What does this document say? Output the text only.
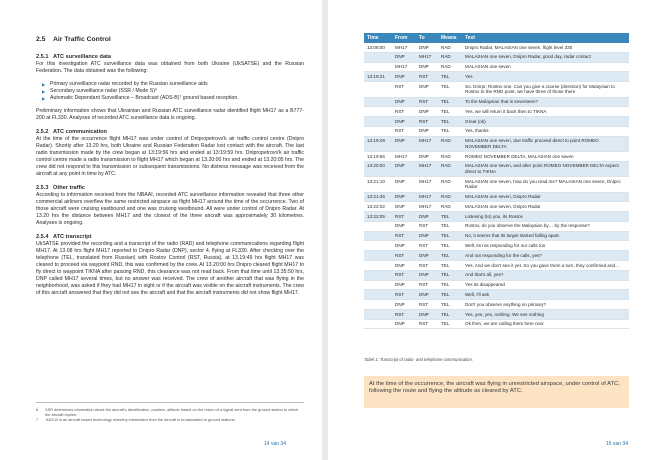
2.5	Air Traffic Control
2.5.1 ATC surveillance data

For this investigation ATC surveillance data was obtained from both Ukraine (UkSATSE) and the Russian Federation. The data obtained was the following:

▶ Primary surveillance radar recorded by the Russian surveillance aids
▶ Secondary surveillance radar (SSR / Mode S)⁶
▶ Automatic Dependant Surveillance – Broadcast (ADS-B)⁷ ground based reception.

Preliminary information shows that Ukrainian and Russian ATC surveillance radar identified flight MH17 as a B777-200 at FL330. Analyses of recorded ATC surveillance data is ongoing.

2.5.2 ATC communication

At the time of the occurrence flight MH17 was under control of Dnipropetrovs'k air traffic control centre (Dnipro Radar). Shortly after 13.20 hrs, both Ukraine and Russian Federation Radar lost contact with the aircraft. The last radio transmission made by the crew began at 13:19:56 hrs and ended at 13:19:59 hrs. Dnipropetrovs'k air traffic control centre made a radio transmission to flight MH17 which began at 13.20:00 hrs and ended at 13.20:05 hrs. The crew did not respond to this transmission or subsequent transmissions. No distress message was received from the aircraft at any point in time by ATC.

2.5.3 Other traffic

According to information received from the NBAAI, recorded ATC surveillance information revealed that three other commercial airliners overflew the same restricted airspace as flight MH17 around the time of the occurrence. Two of those aircraft were cruising eastbound and one was cruising westbound. All were under control of Dnipro Radar. At 13.20 hrs the distance between MH17 and the closest of the three aircraft was approximately 30 kilometres. Analyses is ongoing.

2.5.4 ATC transcript

UkSATSE provided the recording and a transcript of the radio (RAD) and telephone communications regarding flight MH17. At 13.08 hrs flight MH17 reported to Dnipro Radar (DNP), sector 4, flying at FL330. After checking over the telephone (TEL, translated from Russian) with Rostov Control (RST, Russia), at 13.19:49 hrs flight MH17 was cleared to proceed via waypoint RND, this was confirmed by the crew. At 13.20:00 hrs Dnipro cleared flight MH17 to fly direct to waypoint TIKNA after passing RND, this clearance was not read back. From that time until 13.35:50 hrs, DNP called MH17 several times, but no answer was received. The crew of another aircraft that was flying in the neighborhood, was asked if they had MH17 in sight or if the aircraft was visible on the aircraft instruments. The crew of this aircraft answered that they did not see the aircraft and that the aircraft instruments did not show flight MH17.

6	SSR determines information about the aircraft's identification, position, altitude based on the return of a signal sent from the ground station to which the aircraft replies.
7	ADS-B is an aircraft based technology whereby information from the aircraft is broadcasted to ground stations.
14 van 34
Time	From	To	Means	Text
13:08:00	MH17	DNP	RAD	Dnipro Radar, MALASIAN one seven, flight level 330
	DNP	MH17	RAD	MALASIAN one seven, Dnipro Radar, good day, radar contact
	MH17	DNP	RAD	MALASIAN one seven
13:19:21	DNP	RST	TEL	Yes
	RST	DNP	TEL	So. Dnirpr, Rostov one. Can you give a course (direction) for Malaysian to Rostov to the RND point, we have three of those there
	DNP	RST	TEL	To the Malaysian that is seventeen?
	RST	DNP	TEL	Yes, we will return it back then to TIKNA
	DNP	RST	TEL	Great (ok)
	RST	DNP	TEL	Yes, thanks
13:19:49	DNP	MH17	RAD	MALASIAN one seven, due traffic proceed direct to point ROMEO NOVEMBER DELTA
13:19:56	MH17	DNP	RAD	ROMEO NOVEMBER DELTA, MALASIAN one seven
13:20:00	DNP	MH17	RAD	MALASIAN one seven, and after point ROMEO NOVEMBER DELTA expect direct to TIKNA
13:21:10	DNP	MH17	RAD	MALASIAN one seven, how do you read me? MALASIAN one seven, Dnipro Radar
13:21:36	DNP	MH17	RAD	MALASIAN one seven, Dnipro Radar
13:22:02	DNP	MH17	RAD	MALASIAN one seven, Dnipro Radar
13:22:05	RST	DNP	TEL	Listening (to) you, its Rostov
	DNP	RST	TEL	Rostov, do you observe the Malaysian by… by the response?
	RST	DNP	TEL	No, it seems that its target started falling apart.
	DNP	RST	TEL	Well, its not responding for our calls too
	RST	DNP	TEL	And not responding for the calls, yes?
	DNP	RST	TEL	Yes. And we don't see it yet. So you gave them a turn, they confirmed and…
	RST	DNP	TEL	And that's all, yes?
	DNP	RST	TEL	Yes its disappeared
	RST	DNP	TEL	Well, I'll ask
	DNP	RST	TEL	Don't you observe anything on primary?
	RST	DNP	TEL	Yes, yes, yes, nothing. We see nothing
	DNP	RST	TEL	Ok then, we are calling them here now
Tabel 1: Transcript of radio- and telephone communication.
At the time of the occurrence, the aircraft was flying in unrestricted airspace, under control of ATC, following the route and flying the altitude as cleared by ATC.
15 van 34
